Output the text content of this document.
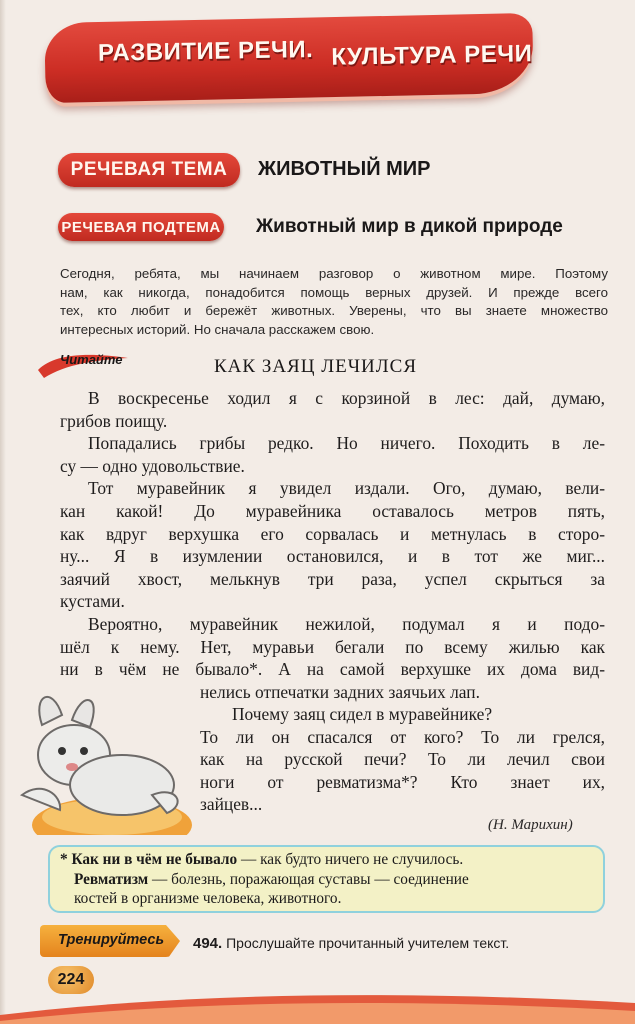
РАЗВИТИЕ РЕЧИ. КУЛЬТУРА РЕЧИ
РЕЧЕВАЯ ТЕМА	ЖИВОТНЫЙ МИР
РЕЧЕВАЯ ПОДТЕМА Животный мир в дикой природе
Сегодня, ребята, мы начинаем разговор о животном мире. Поэтому
нам, как никогда, понадобится помощь верных друзей. И прежде всего
тех, кто любит и бережёт животных. Уверены, что вы знаете множество
интересных историй. Но сначала расскажем свою.
Читайте	КАК ЗАЯЦ ЛЕЧИЛСЯ
В воскресенье ходил я с корзиной в лес: дай, думаю,
грибов поищу.
Попадались грибы редко. Но ничего. Походить в ле-
су — одно удовольствие.
Тот муравейник я увидел издали. Ого, думаю, вели-
кан какой! До муравейника оставалось метров пять,
как вдруг верхушка его сорвалась и метнулась в сторо-
ну... Я в изумлении остановился, и в тот же миг...
заячий хвост, мелькнув три раза, успел скрыться за
кустами.
Вероятно, муравейник нежилой, подумал я и подо-
шёл к нему. Нет, муравьи бегали по всему жилью как
ни в чём не бывало*. А на самой верхушке их дома вид-
нелись отпечатки задних заячьих лап.
Почему заяц сидел в муравейнике?
То ли он спасался от кого? То ли грелся,
как на русской печи? То ли лечил свои
ноги от ревматизма*? Кто знает их,
зайцев...
(Н. Марихин)
* Как ни в чём не бывало — как будто ничего не случилось.
Ревматизм — болезнь, поражающая суставы — соединение
костей в организме человека, животного.
Тренируйтесь 494. Прослушайте прочитанный учителем текст.
224
